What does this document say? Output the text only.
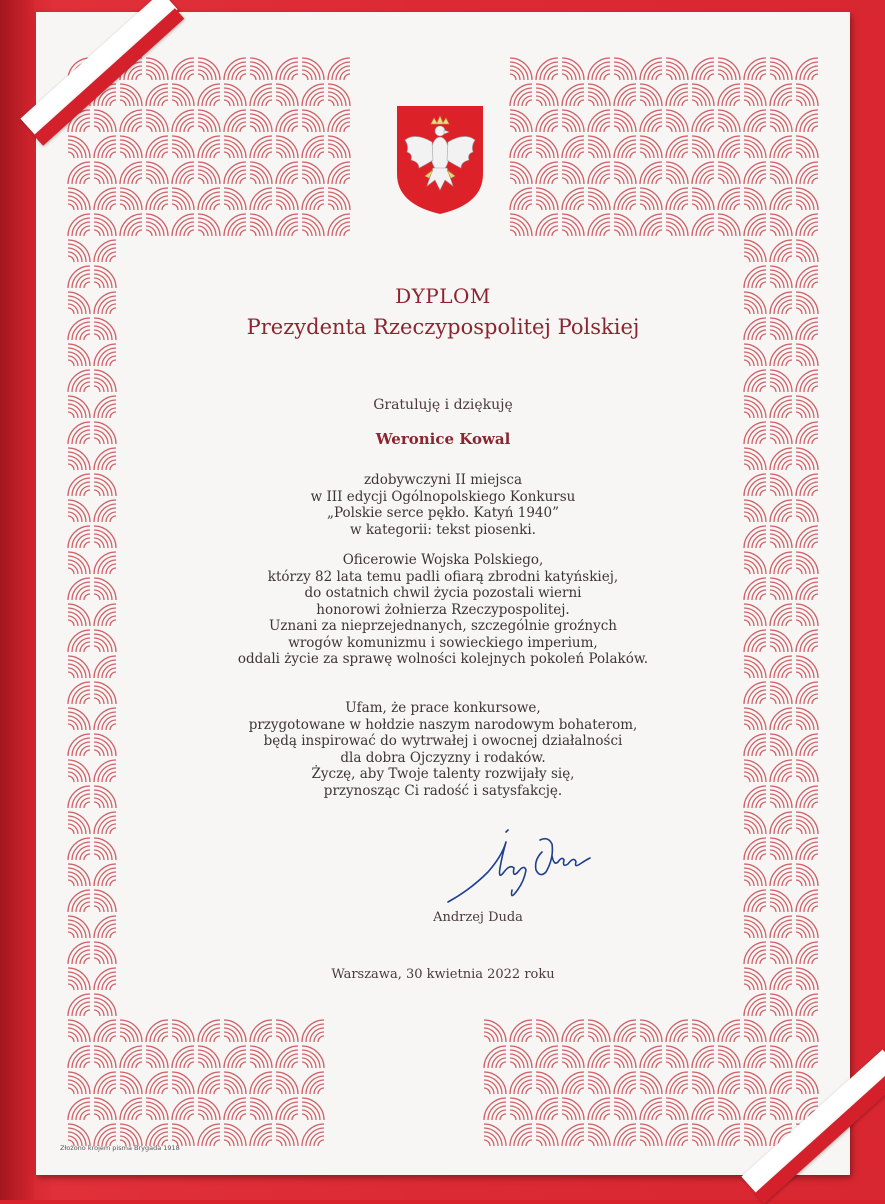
DYPLOM
Prezydenta Rzeczypospolitej Polskiej
Gratuluję i dziękuję
Weronice Kowal
zdobywczyni II miejsca
w III edycji Ogólnopolskiego Konkursu
„Polskie serce pękło. Katyń 1940”
w kategorii: tekst piosenki.
Oficerowie Wojska Polskiego,
którzy 82 lata temu padli ofiarą zbrodni katyńskiej,
do ostatnich chwil życia pozostali wierni
honorowi żołnierza Rzeczypospolitej.
Uznani za nieprzejednanych, szczególnie groźnych
wrogów komunizmu i sowieckiego imperium,
oddali życie za sprawę wolności kolejnych pokoleń Polaków.
Ufam, że prace konkursowe,
przygotowane w hołdzie naszym narodowym bohaterom,
będą inspirować do wytrwałej i owocnej działalności
dla dobra Ojczyzny i rodaków.
Życzę, aby Twoje talenty rozwijały się,
przynosząc Ci radość i satysfakcję.
Andrzej Duda
Warszawa, 30 kwietnia 2022 roku
Złożono krojem pisma Brygada 1918
